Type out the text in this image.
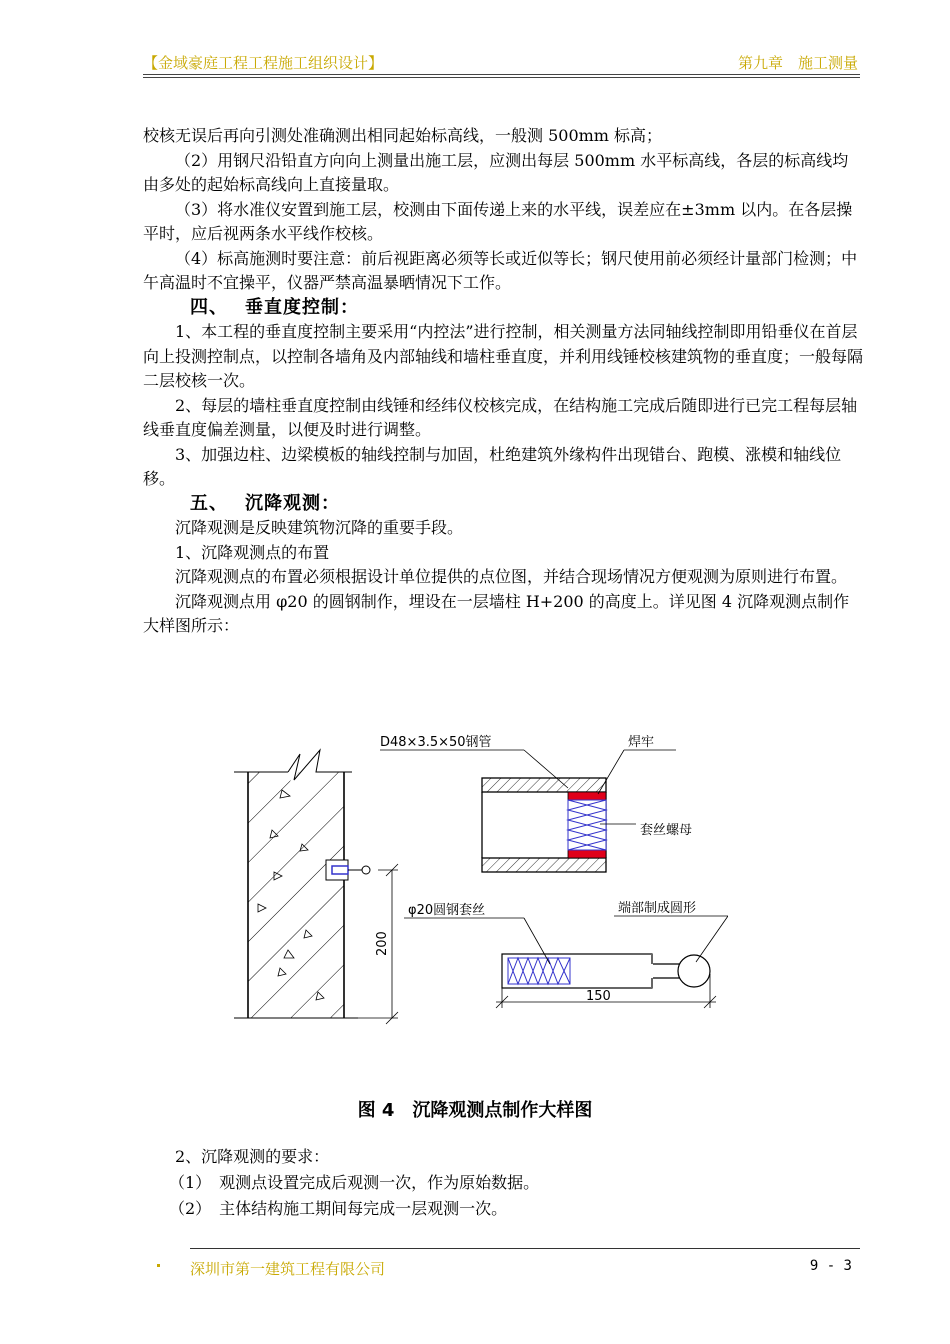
【金域豪庭工程工程施工组织设计】	第九章　施工测量

校核无误后再向引测处准确测出相同起始标高线，一般测 500mm 标高；

（2）用钢尺沿铅直方向向上测量出施工层，应测出每层 500mm 水平标高线，各层的标高线均由多处的起始标高线向上直接量取。

（3）将水准仪安置到施工层，校测由下面传递上来的水平线，误差应在±3mm 以内。在各层操平时，应后视两条水平线作校核。

（4）标高施测时要注意：前后视距离必须等长或近似等长；钢尺使用前必须经计量部门检测；中午高温时不宜操平，仪器严禁高温暴晒情况下工作。

四、 垂直度控制：

1、本工程的垂直度控制主要采用“内控法”进行控制，相关测量方法同轴线控制即用铅垂仪在首层向上投测控制点，以控制各墙角及内部轴线和墙柱垂直度，并利用线锤校核建筑物的垂直度；一般每隔二层校核一次。

2、每层的墙柱垂直度控制由线锤和经纬仪校核完成，在结构施工完成后随即进行已完工程每层轴线垂直度偏差测量，以便及时进行调整。

3、加强边柱、边梁模板的轴线控制与加固，杜绝建筑外缘构件出现错台、跑模、涨模和轴线位移。

五、 沉降观测：

沉降观测是反映建筑物沉降的重要手段。

1、沉降观测点的布置

沉降观测点的布置必须根据设计单位提供的点位图，并结合现场情况方便观测为原则进行布置。

沉降观测点用 φ20 的圆钢制作，埋设在一层墙柱 H+200 的高度上。详见图 4 沉降观测点制作大样图所示：

200
150
D48×3.5×50钢管	焊牢
套丝螺母
φ20圆钢套丝	端部制成圆形
图 4　沉降观测点制作大样图

2、沉降观测的要求：

（1）　观测点设置完成后观测一次，作为原始数据。

（2）　主体结构施工期间每完成一层观测一次。

深圳市第一建筑工程有限公司	9 - 3
